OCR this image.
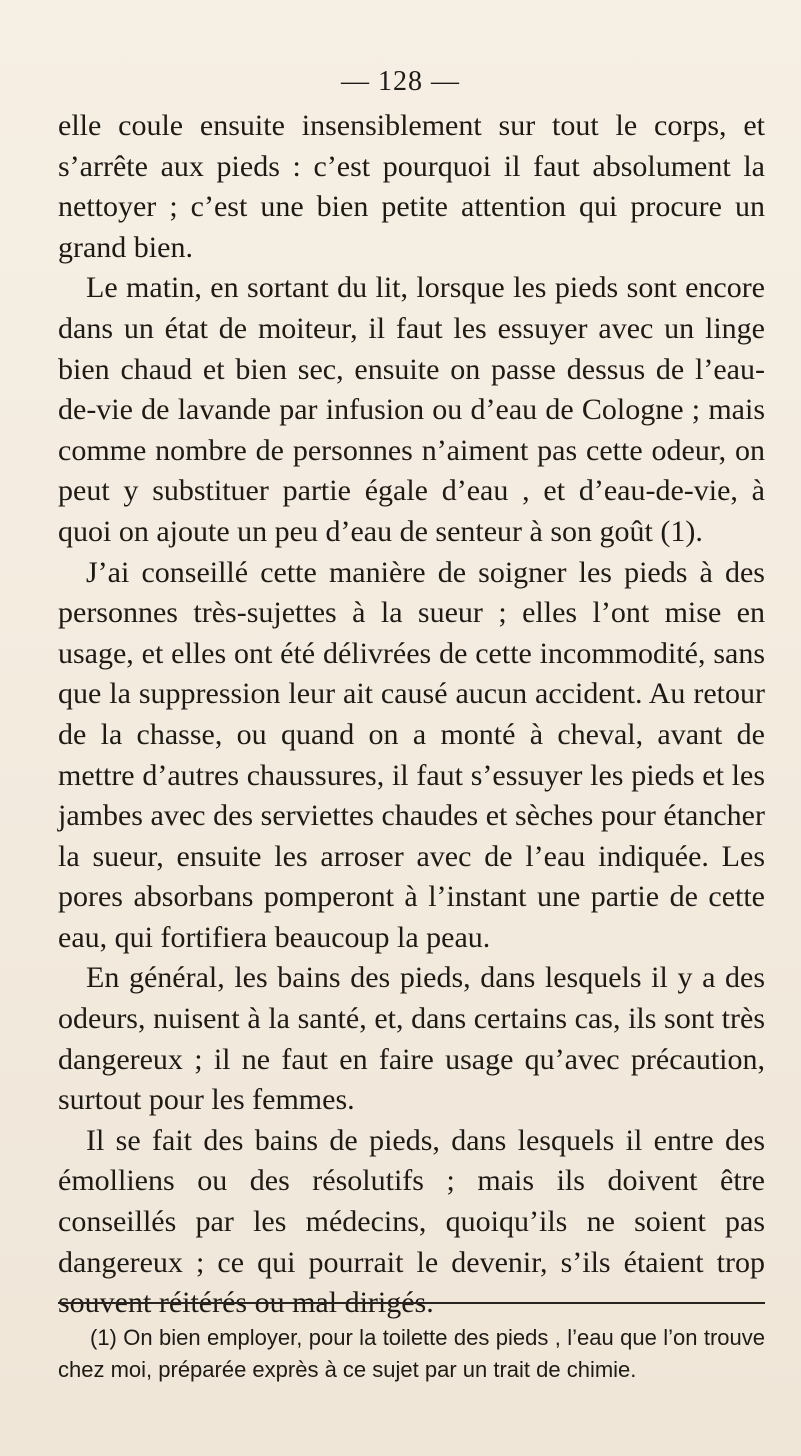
— 128 —

elle coule ensuite insensiblement sur tout le corps, et s’arrête aux pieds : c’est pourquoi il faut absolument la nettoyer ; c’est une bien petite attention qui procure un grand bien.

Le matin, en sortant du lit, lorsque les pieds sont encore dans un état de moiteur, il faut les essuyer avec un linge bien chaud et bien sec, ensuite on passe dessus de l’eau-de-vie de lavande par infusion ou d’eau de Cologne ; mais comme nombre de personnes n’aiment pas cette odeur, on peut y substituer partie égale d’eau , et d’eau-de-vie, à quoi on ajoute un peu d’eau de senteur à son goût (1).

J’ai conseillé cette manière de soigner les pieds à des personnes très-sujettes à la sueur ; elles l’ont mise en usage, et elles ont été délivrées de cette incommodité, sans que la suppression leur ait causé aucun accident. Au retour de la chasse, ou quand on a monté à cheval, avant de mettre d’autres chaussures, il faut s’essuyer les pieds et les jambes avec des serviettes chaudes et sèches pour étancher la sueur, ensuite les arroser avec de l’eau indiquée. Les pores absorbans pomperont à l’instant une partie de cette eau, qui fortifiera beaucoup la peau.

En général, les bains des pieds, dans lesquels il y a des odeurs, nuisent à la santé, et, dans certains cas, ils sont très dangereux ; il ne faut en faire usage qu’avec précaution, surtout pour les femmes.

Il se fait des bains de pieds, dans lesquels il entre des émolliens ou des résolutifs ; mais ils doivent être conseillés par les médecins, quoiqu’ils ne soient pas dangereux ; ce qui pourrait le devenir, s’ils étaient trop souvent réitérés ou mal dirigés.

(1) On bien employer, pour la toilette des pieds , l’eau que l’on trouve chez moi, préparée exprès à ce sujet par un trait de chimie.
